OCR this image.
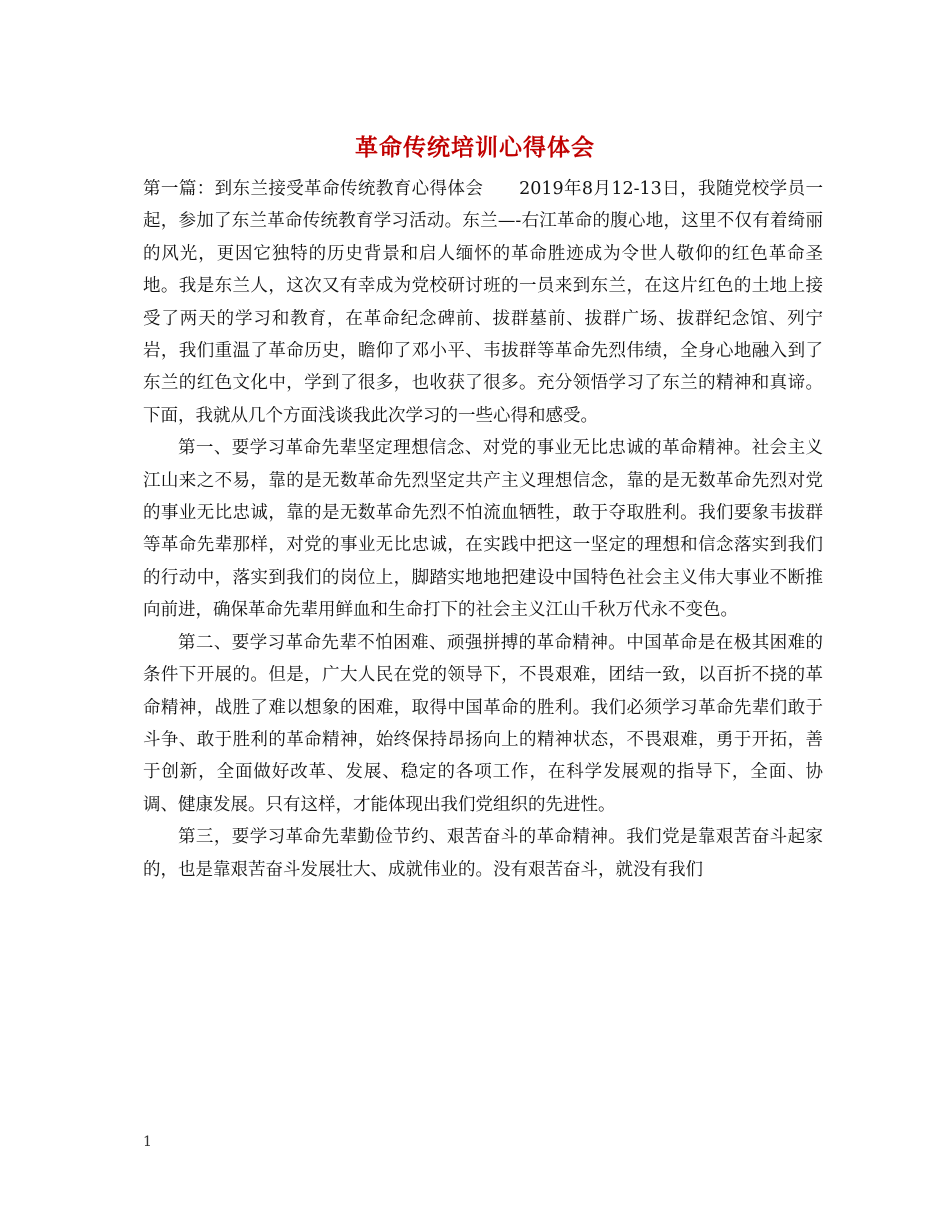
革命传统培训心得体会

第一篇：到东兰接受革命传统教育心得体会　　2019年8月12-13日，我随党校学员一起，参加了东兰革命传统教育学习活动。东兰—-右江革命的腹心地，这里不仅有着绮丽的风光，更因它独特的历史背景和启人缅怀的革命胜迹成为令世人敬仰的红色革命圣地。我是东兰人，这次又有幸成为党校研讨班的一员来到东兰，在这片红色的土地上接受了两天的学习和教育，在革命纪念碑前、拔群墓前、拔群广场、拔群纪念馆、列宁岩，我们重温了革命历史，瞻仰了邓小平、韦拔群等革命先烈伟绩，全身心地融入到了东兰的红色文化中，学到了很多，也收获了很多。充分领悟学习了东兰的精神和真谛。下面，我就从几个方面浅谈我此次学习的一些心得和感受。

第一、要学习革命先辈坚定理想信念、对党的事业无比忠诚的革命精神。社会主义江山来之不易，靠的是无数革命先烈坚定共产主义理想信念，靠的是无数革命先烈对党的事业无比忠诚，靠的是无数革命先烈不怕流血牺牲，敢于夺取胜利。我们要象韦拔群等革命先辈那样，对党的事业无比忠诚，在实践中把这一坚定的理想和信念落实到我们的行动中，落实到我们的岗位上，脚踏实地地把建设中国特色社会主义伟大事业不断推向前进，确保革命先辈用鲜血和生命打下的社会主义江山千秋万代永不变色。

第二、要学习革命先辈不怕困难、顽强拼搏的革命精神。中国革命是在极其困难的条件下开展的。但是，广大人民在党的领导下，不畏艰难，团结一致，以百折不挠的革命精神，战胜了难以想象的困难，取得中国革命的胜利。我们必须学习革命先辈们敢于斗争、敢于胜利的革命精神，始终保持昂扬向上的精神状态，不畏艰难，勇于开拓，善于创新，全面做好改革、发展、稳定的各项工作，在科学发展观的指导下，全面、协调、健康发展。只有这样，才能体现出我们党组织的先进性。

第三，要学习革命先辈勤俭节约、艰苦奋斗的革命精神。我们党是靠艰苦奋斗起家的，也是靠艰苦奋斗发展壮大、成就伟业的。没有艰苦奋斗，就没有我们

1
